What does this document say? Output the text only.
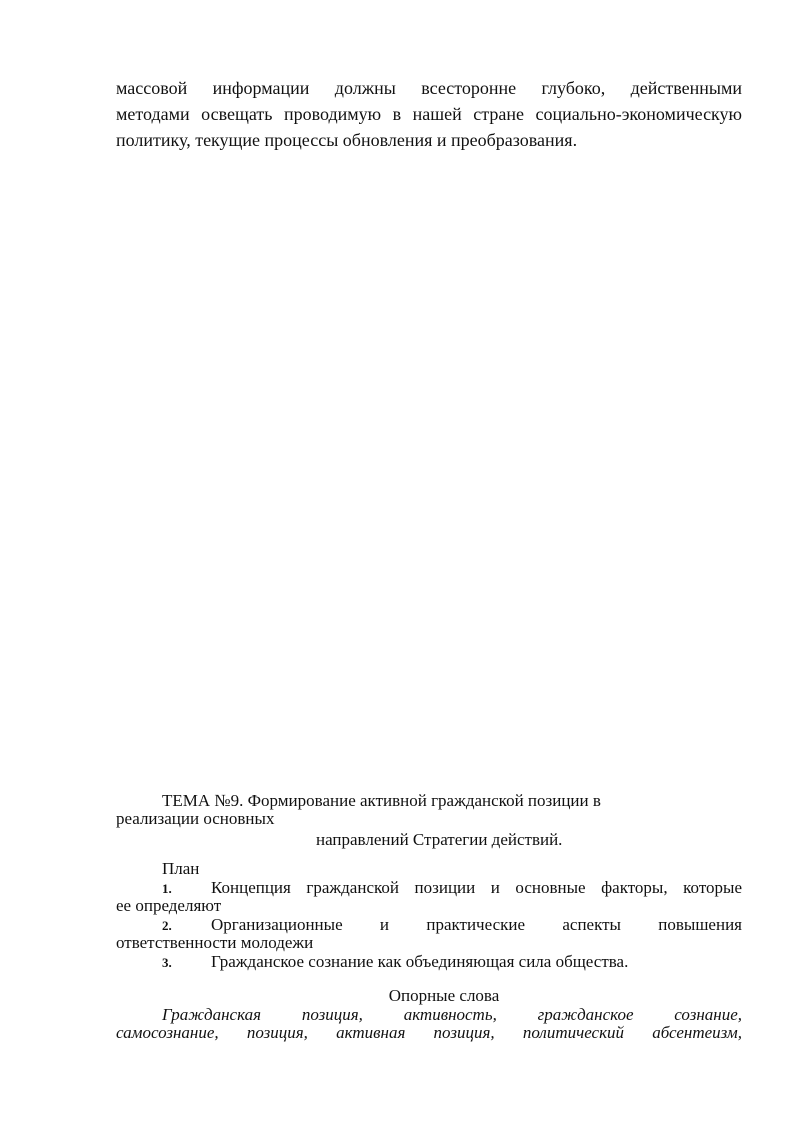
массовой информации должны всесторонне глубоко, действенными
методами освещать проводимую в нашей стране социально-экономическую
политику, текущие процессы обновления и преобразования.
ТЕМА №9. Формирование активной гражданской позиции в
реализации основных
направлений Стратегии действий.
План
1. Концепция гражданской позиции и основные факторы, которые
ее определяют
2. Организационные и практические аспекты повышения
ответственности молодежи
3. Гражданское сознание как объединяющая сила общества.
Опорные слова
Гражданская позиция, активность, гражданское сознание,
самосознание, позиция, активная позиция, политический абсентеизм,
